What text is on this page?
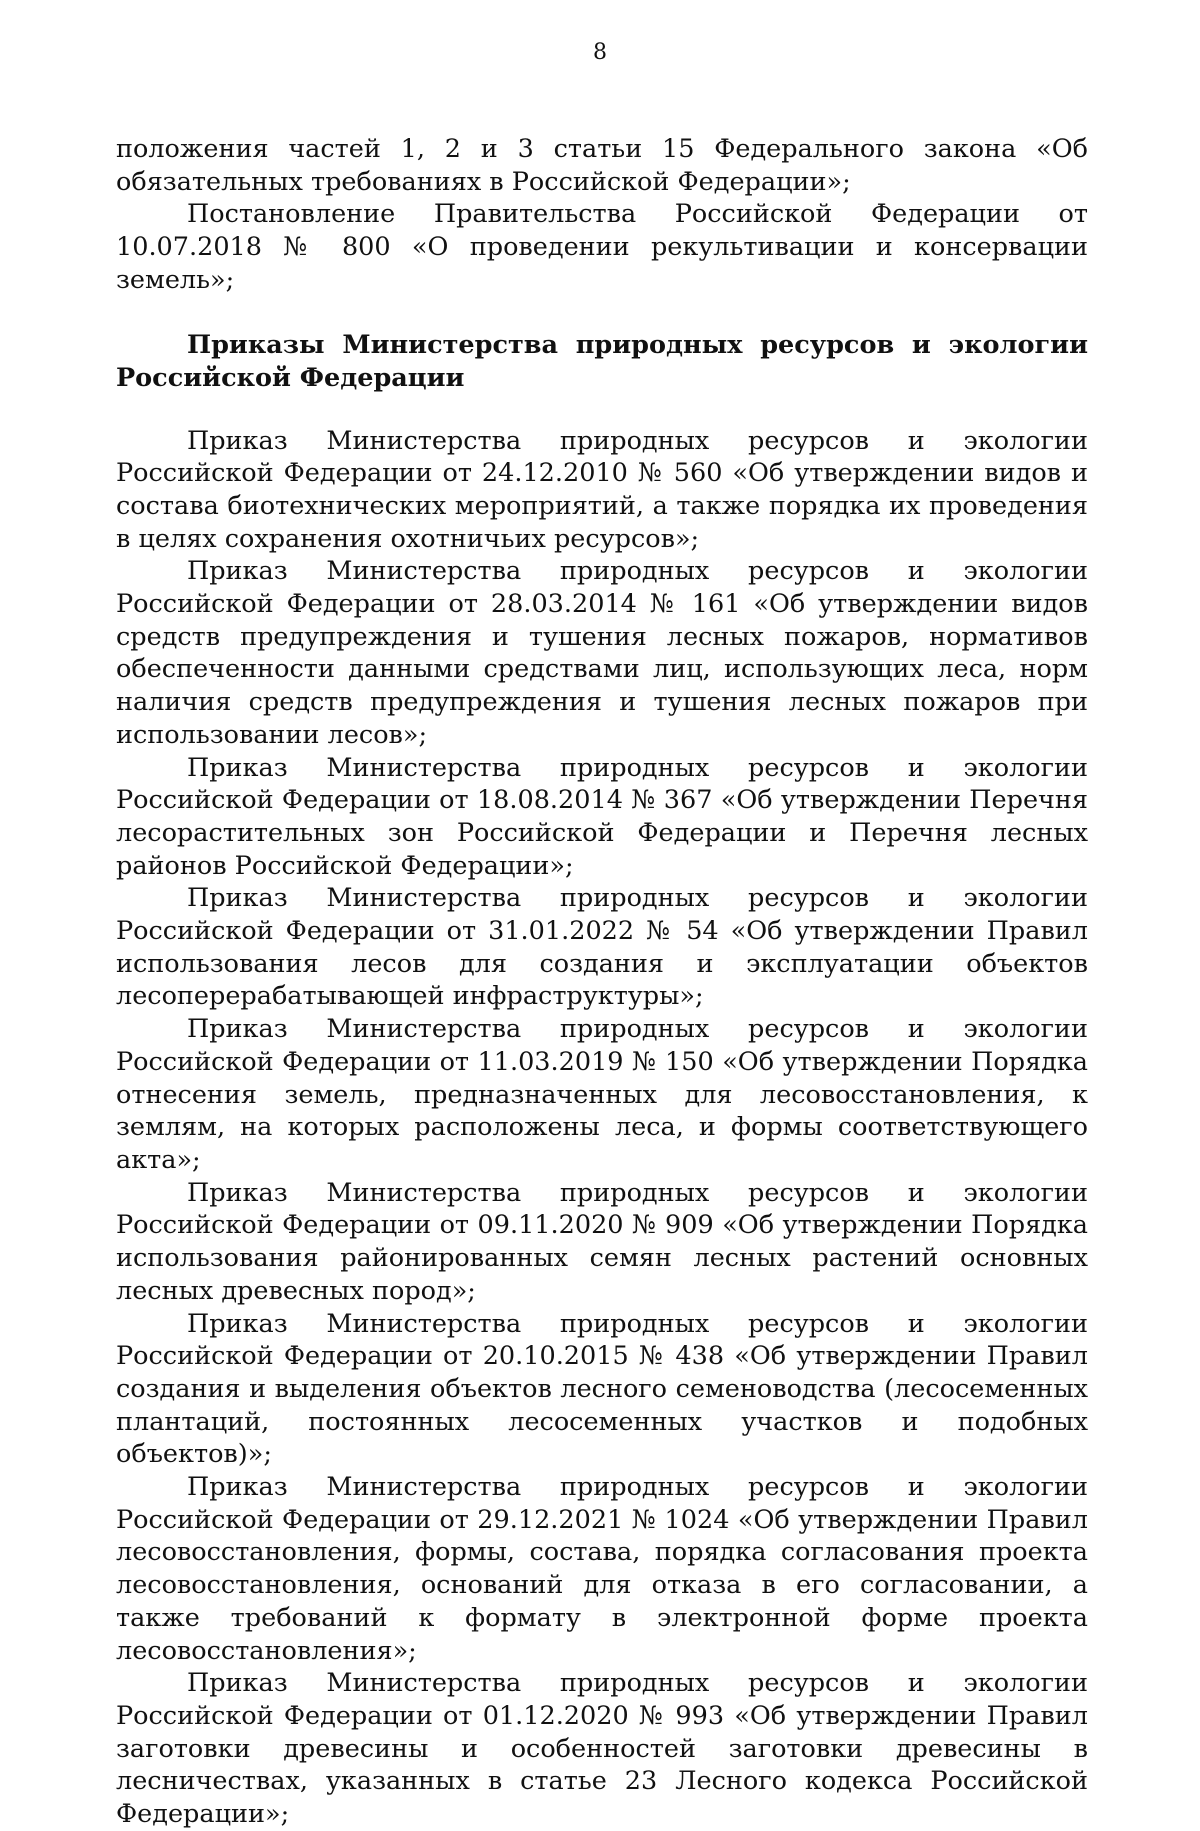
8

положения частей 1, 2 и 3 статьи 15 Федерального закона «Об обязательных требованиях в Российской Федерации»;

Постановление Правительства Российской Федерации от 10.07.2018 № 800 «О проведении рекультивации и консервации земель»;

Приказы Министерства природных ресурсов и экологии Российской Федерации

Приказ Министерства природных ресурсов и экологии Российской Федерации от 24.12.2010 № 560 «Об утверждении видов и состава биотехнических мероприятий, а также порядка их проведения в целях сохранения охотничьих ресурсов»;

Приказ Министерства природных ресурсов и экологии Российской Федерации от 28.03.2014 № 161 «Об утверждении видов средств предупреждения и тушения лесных пожаров, нормативов обеспеченности данными средствами лиц, использующих леса, норм наличия средств предупреждения и тушения лесных пожаров при использовании лесов»;

Приказ Министерства природных ресурсов и экологии Российской Федерации от 18.08.2014 № 367 «Об утверждении Перечня лесорастительных зон Российской Федерации и Перечня лесных районов Российской Федерации»;

Приказ Министерства природных ресурсов и экологии Российской Федерации от 31.01.2022 № 54 «Об утверждении Правил использования лесов для создания и эксплуатации объектов лесоперерабатывающей инфраструктуры»;

Приказ Министерства природных ресурсов и экологии Российской Федерации от 11.03.2019 № 150 «Об утверждении Порядка отнесения земель, предназначенных для лесовосстановления, к землям, на которых расположены леса, и формы соответствующего акта»;

Приказ Министерства природных ресурсов и экологии Российской Федерации от 09.11.2020 № 909 «Об утверждении Порядка использования районированных семян лесных растений основных лесных древесных пород»;

Приказ Министерства природных ресурсов и экологии Российской Федерации от 20.10.2015 № 438 «Об утверждении Правил создания и выделения объектов лесного семеноводства (лесосеменных плантаций, постоянных лесосеменных участков и подобных объектов)»;

Приказ Министерства природных ресурсов и экологии Российской Федерации от 29.12.2021 № 1024 «Об утверждении Правил лесовосстановления, формы, состава, порядка согласования проекта лесовосстановления, оснований для отказа в его согласовании, а также требований к формату в электронной форме проекта лесовосстановления»;

Приказ Министерства природных ресурсов и экологии Российской Федерации от 01.12.2020 № 993 «Об утверждении Правил заготовки древесины и особенностей заготовки древесины в лесничествах, указанных в статье 23 Лесного кодекса Российской Федерации»;
